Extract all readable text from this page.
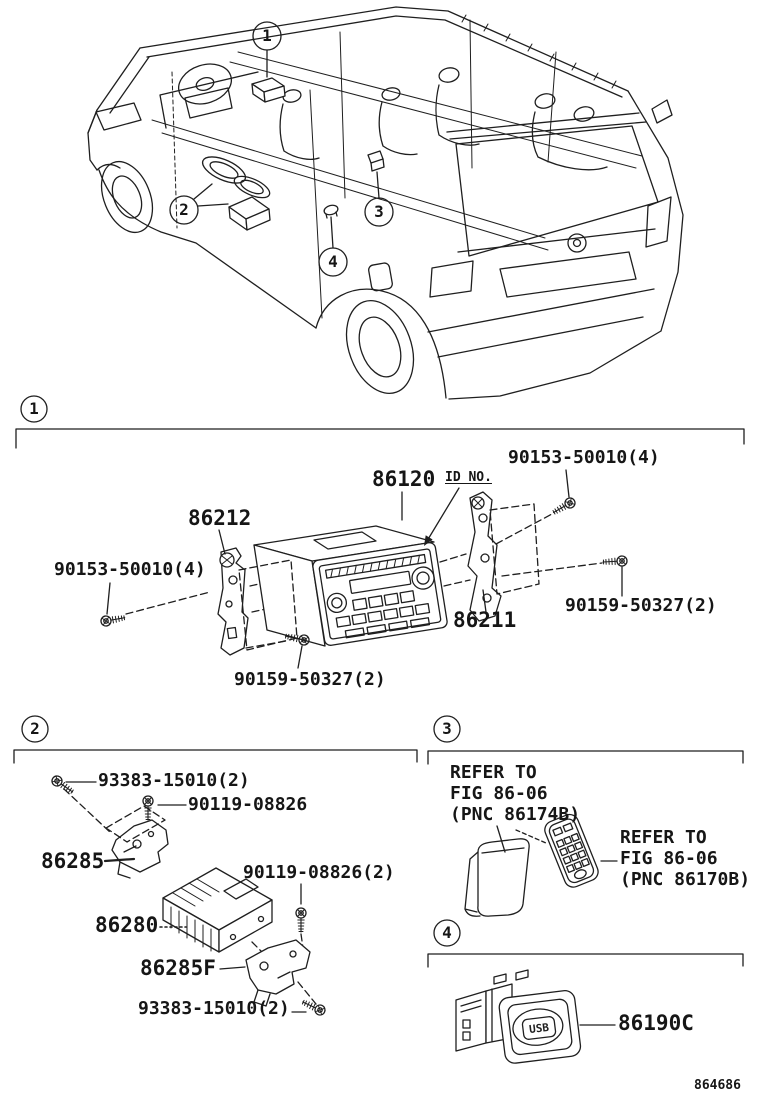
USB
1
2	3
4
1
2	3
4
86120 ID NO.
90153-50010(4)
86212
90153-50010(4)
90159-50327(2)
86211
90159-50327(2)
93383-15010(2)
90119-08826
86285	90119-08826(2)
86280
86285F
93383-15010(2)
REFER TO
FIG 86-06
(PNC 86174B)
REFER TO
FIG 86-06
(PNC 86170B)
86190C
864686
